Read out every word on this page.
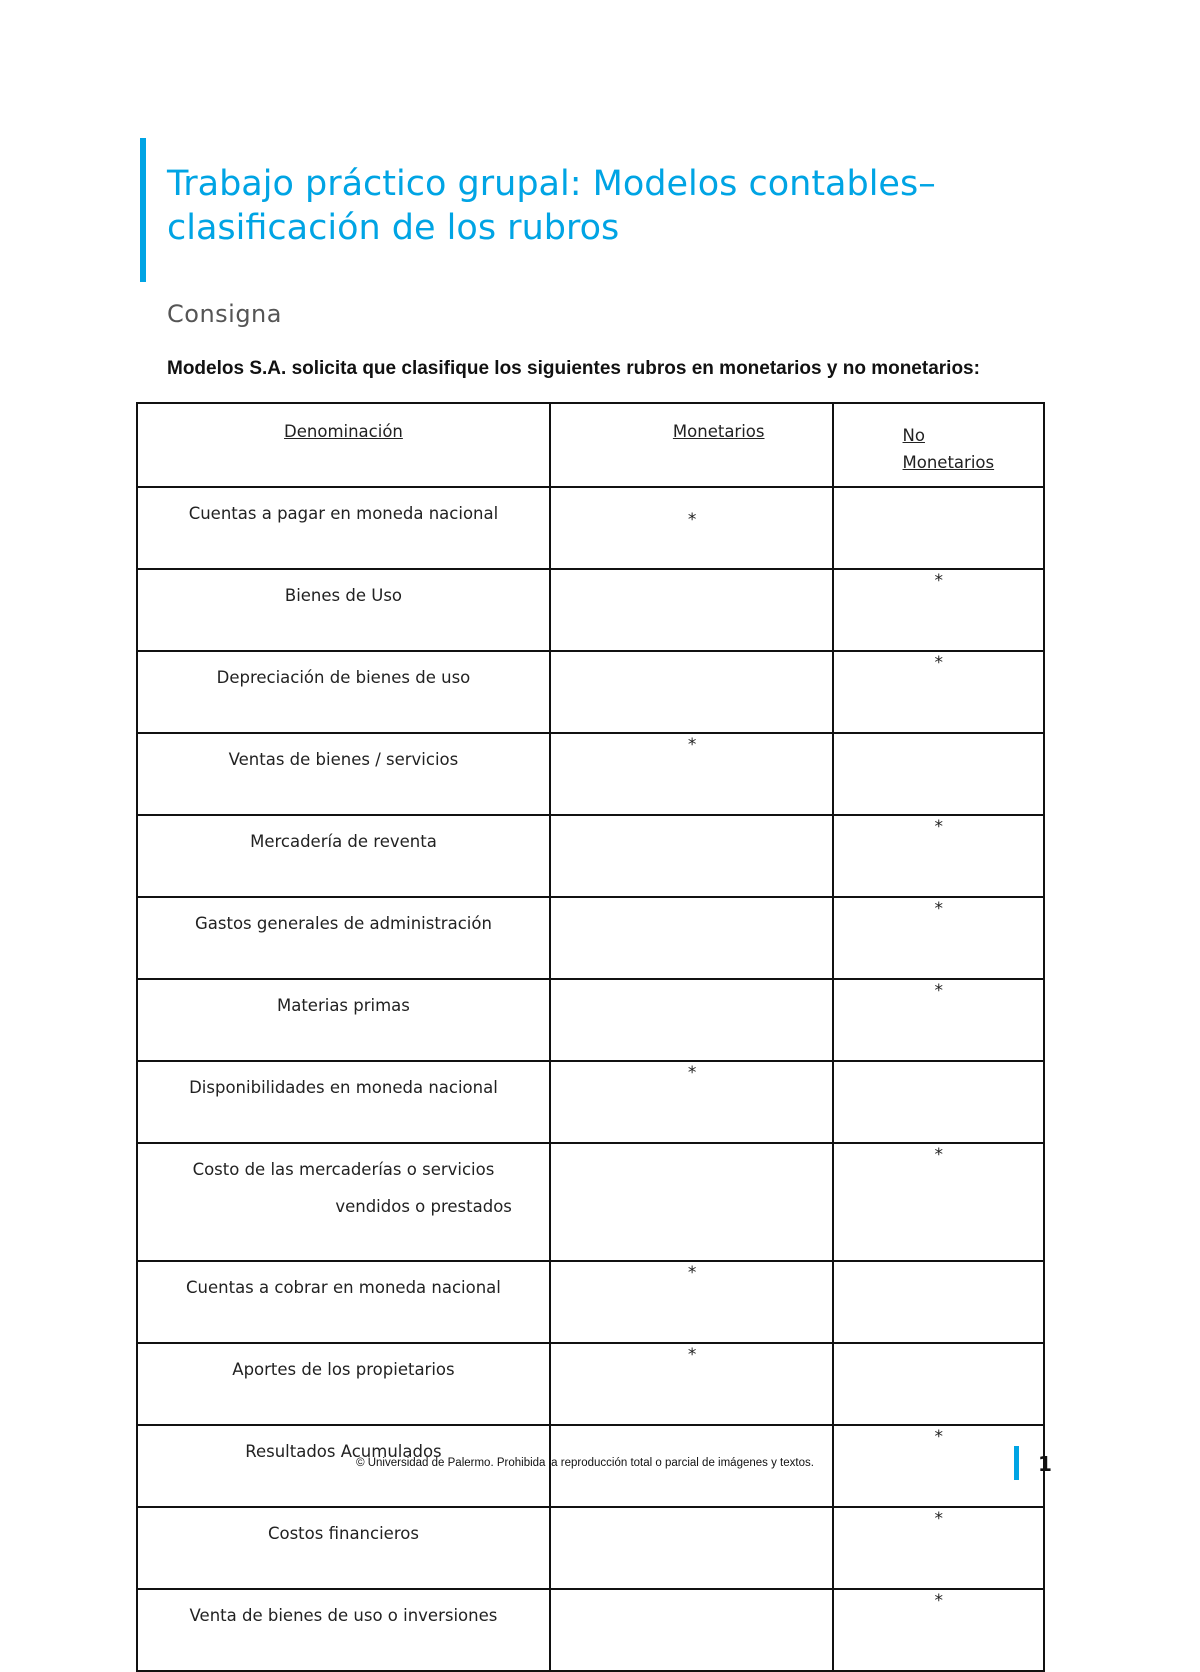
Trabajo práctico grupal: Modelos contables–
clasificación de los rubros
Consigna

Modelos S.A. solicita que clasifique los siguientes rubros en monetarios y no monetarios:

Denominación	Monetarios	No
Monetarios
Cuentas a pagar en moneda nacional	*	
Bienes de Uso		*
Depreciación de bienes de uso		*
Ventas de bienes / servicios	*	
Mercadería de reventa		*
Gastos generales de administración		*
Materias primas		*
Disponibilidades en moneda nacional	*	
Costo de las mercaderías o servicios
vendidos o prestados		*
Cuentas a cobrar en moneda nacional	*	
Aportes de los propietarios	*	
Resultados Acumulados		*
Costos financieros		*
Venta de bienes de uso o inversiones		*
© Universidad de Palermo. Prohibida la reproducción total o parcial de imágenes y textos.	1
